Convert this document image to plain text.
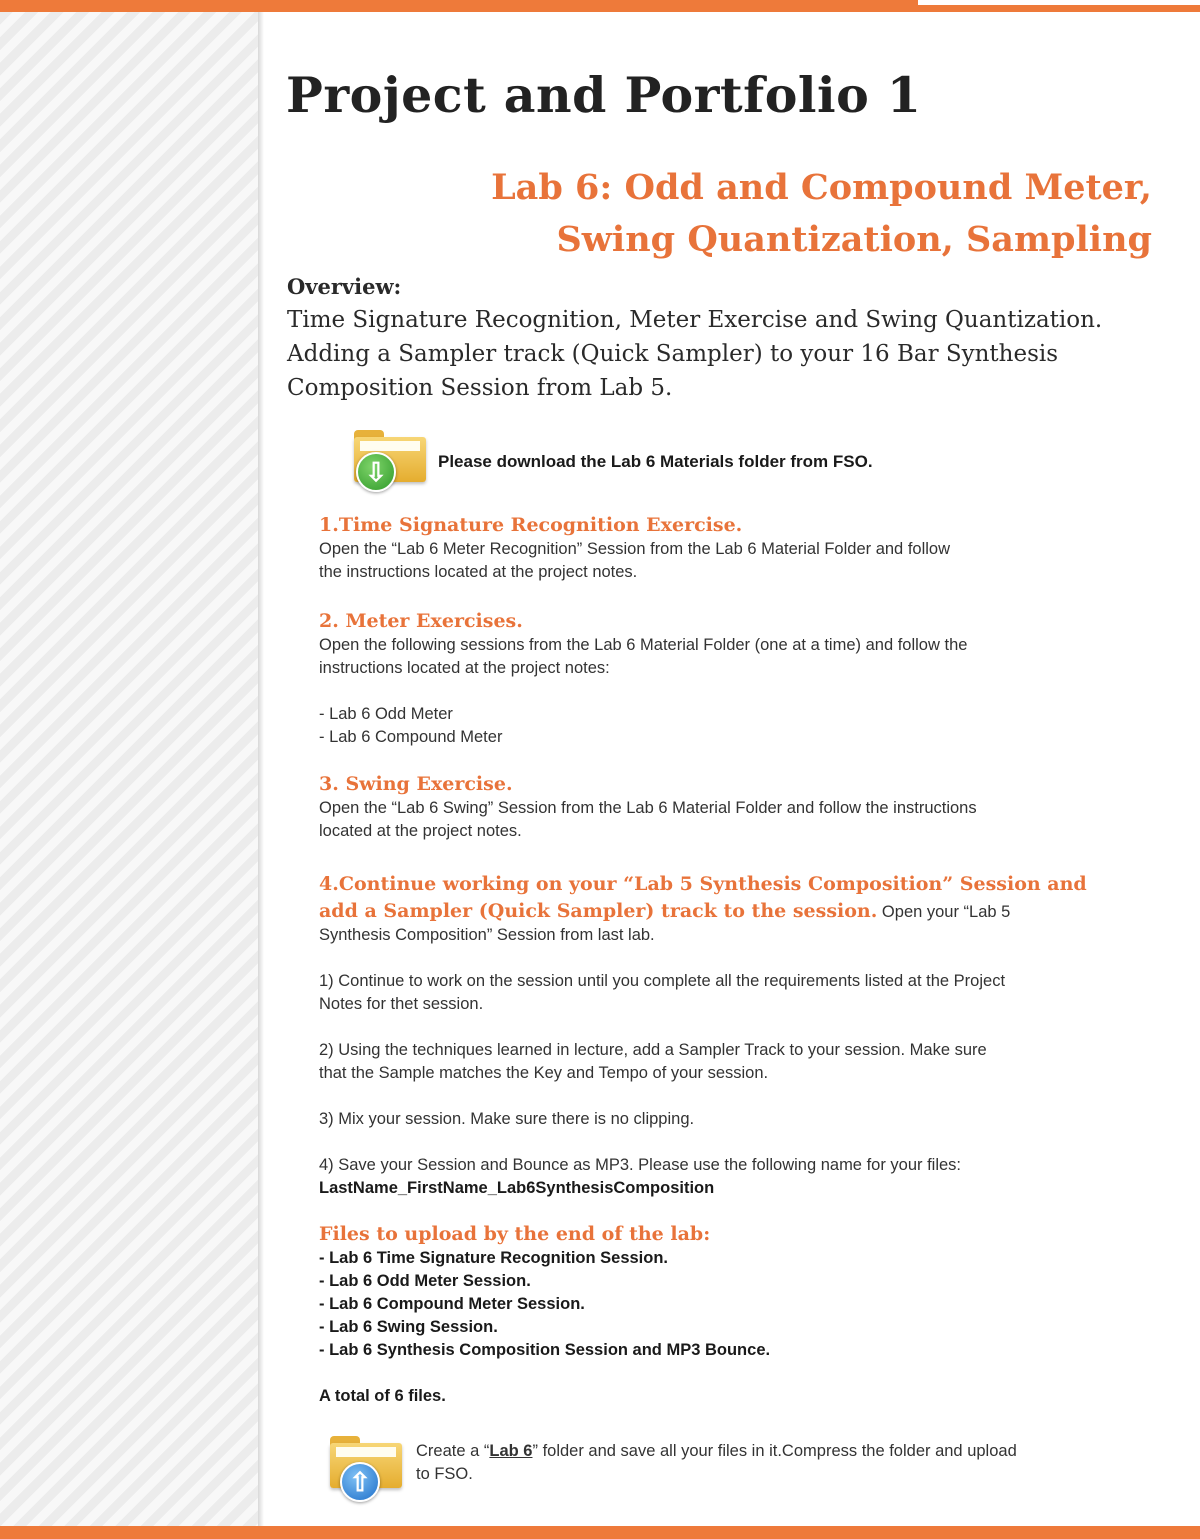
Project and Portfolio 1
Lab 6: Odd and Compound Meter,
Swing Quantization, Sampling
Overview:

Time Signature Recognition, Meter Exercise and Swing Quantization.
Adding a Sampler track (Quick Sampler) to your 16 Bar Synthesis
Composition Session from Lab 5.

⇩	Please download the Lab 6 Materials folder from FSO.
1.Time Signature Recognition Exercise.

Open the “Lab 6 Meter Recognition” Session from the Lab 6 Material Folder and follow
the instructions located at the project notes.

2. Meter Exercises.

Open the following sessions from the Lab 6 Material Folder (one at a time) and follow the
instructions located at the project notes:

- Lab 6 Odd Meter
- Lab 6 Compound Meter

3. Swing Exercise.

Open the “Lab 6 Swing” Session from the Lab 6 Material Folder and follow the instructions
located at the project notes.

4.Continue working on your “Lab 5 Synthesis Composition” Session and

add a Sampler (Quick Sampler) track to the session. Open your “Lab 5
Synthesis Composition” Session from last lab.

1) Continue to work on the session until you complete all the requirements listed at the Project
Notes for thet session.

2) Using the techniques learned in lecture, add a Sampler Track to your session. Make sure
that the Sample matches the Key and Tempo of your session.

3) Mix your session. Make sure there is no clipping.

4) Save your Session and Bounce as MP3. Please use the following name for your files:
LastName_FirstName_Lab6SynthesisComposition

Files to upload by the end of the lab:

- Lab 6 Time Signature Recognition Session.
- Lab 6 Odd Meter Session.
- Lab 6 Compound Meter Session.
- Lab 6 Swing Session.
- Lab 6 Synthesis Composition Session and MP3 Bounce.

A total of 6 files.

⇧

Create a “Lab 6” folder and save all your files in it.Compress the folder and upload
to FSO.
